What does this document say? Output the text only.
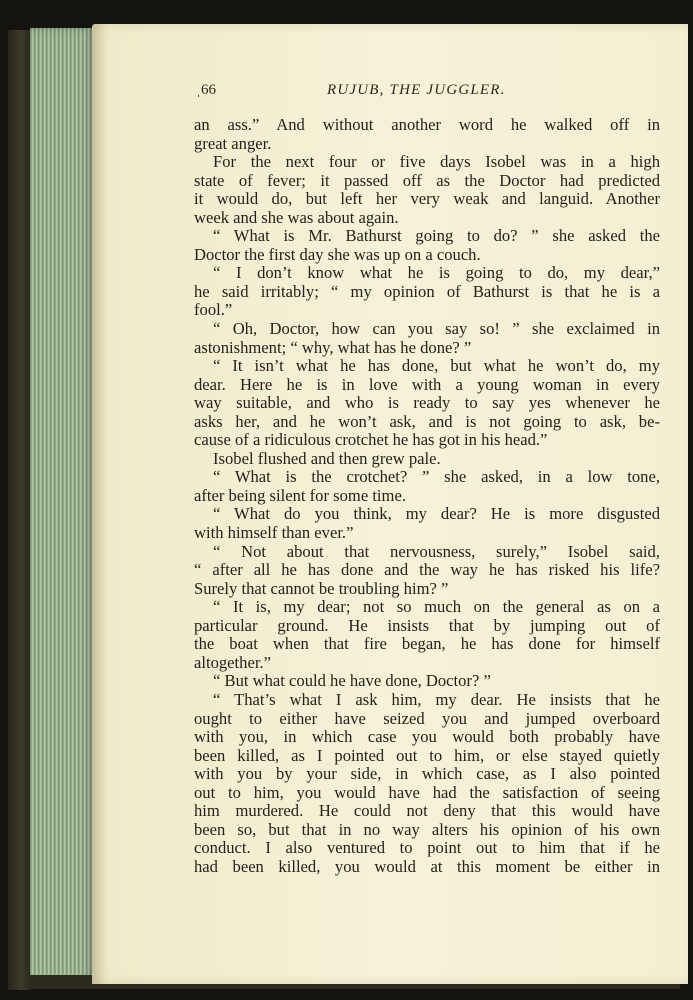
ˌ66	RUJUB, THE JUGGLER.
an ass.” And without another word he walked off in
great anger.
For the next four or five days Isobel was in a high
state of fever; it passed off as the Doctor had predicted
it would do, but left her very weak and languid. Another
week and she was about again.
“ What is Mr. Bathurst going to do? ” she asked the
Doctor the first day she was up on a couch.
“ I don’t know what he is going to do, my dear,”
he said irritably; “ my opinion of Bathurst is that he is a
fool.”
“ Oh, Doctor, how can you say so! ” she exclaimed in
astonishment; “ why, what has he done? ”
“ It isn’t what he has done, but what he won’t do, my
dear. Here he is in love with a young woman in every
way suitable, and who is ready to say yes whenever he
asks her, and he won’t ask, and is not going to ask, be-
cause of a ridiculous crotchet he has got in his head.”
Isobel flushed and then grew pale.
“ What is the crotchet? ” she asked, in a low tone,
after being silent for some time.
“ What do you think, my dear? He is more disgusted
with himself than ever.”
“ Not about that nervousness, surely,” Isobel said,
“ after all he has done and the way he has risked his life?
Surely that cannot be troubling him? ”
“ It is, my dear; not so much on the general as on a
particular ground. He insists that by jumping out of
the boat when that fire began, he has done for himself
altogether.”
“ But what could he have done, Doctor? ”
“ That’s what I ask him, my dear. He insists that he
ought to either have seized you and jumped overboard
with you, in which case you would both probably have
been killed, as I pointed out to him, or else stayed quietly
with you by your side, in which case, as I also pointed
out to him, you would have had the satisfaction of seeing
him murdered. He could not deny that this would have
been so, but that in no way alters his opinion of his own
conduct. I also ventured to point out to him that if he
had been killed, you would at this moment be either in
